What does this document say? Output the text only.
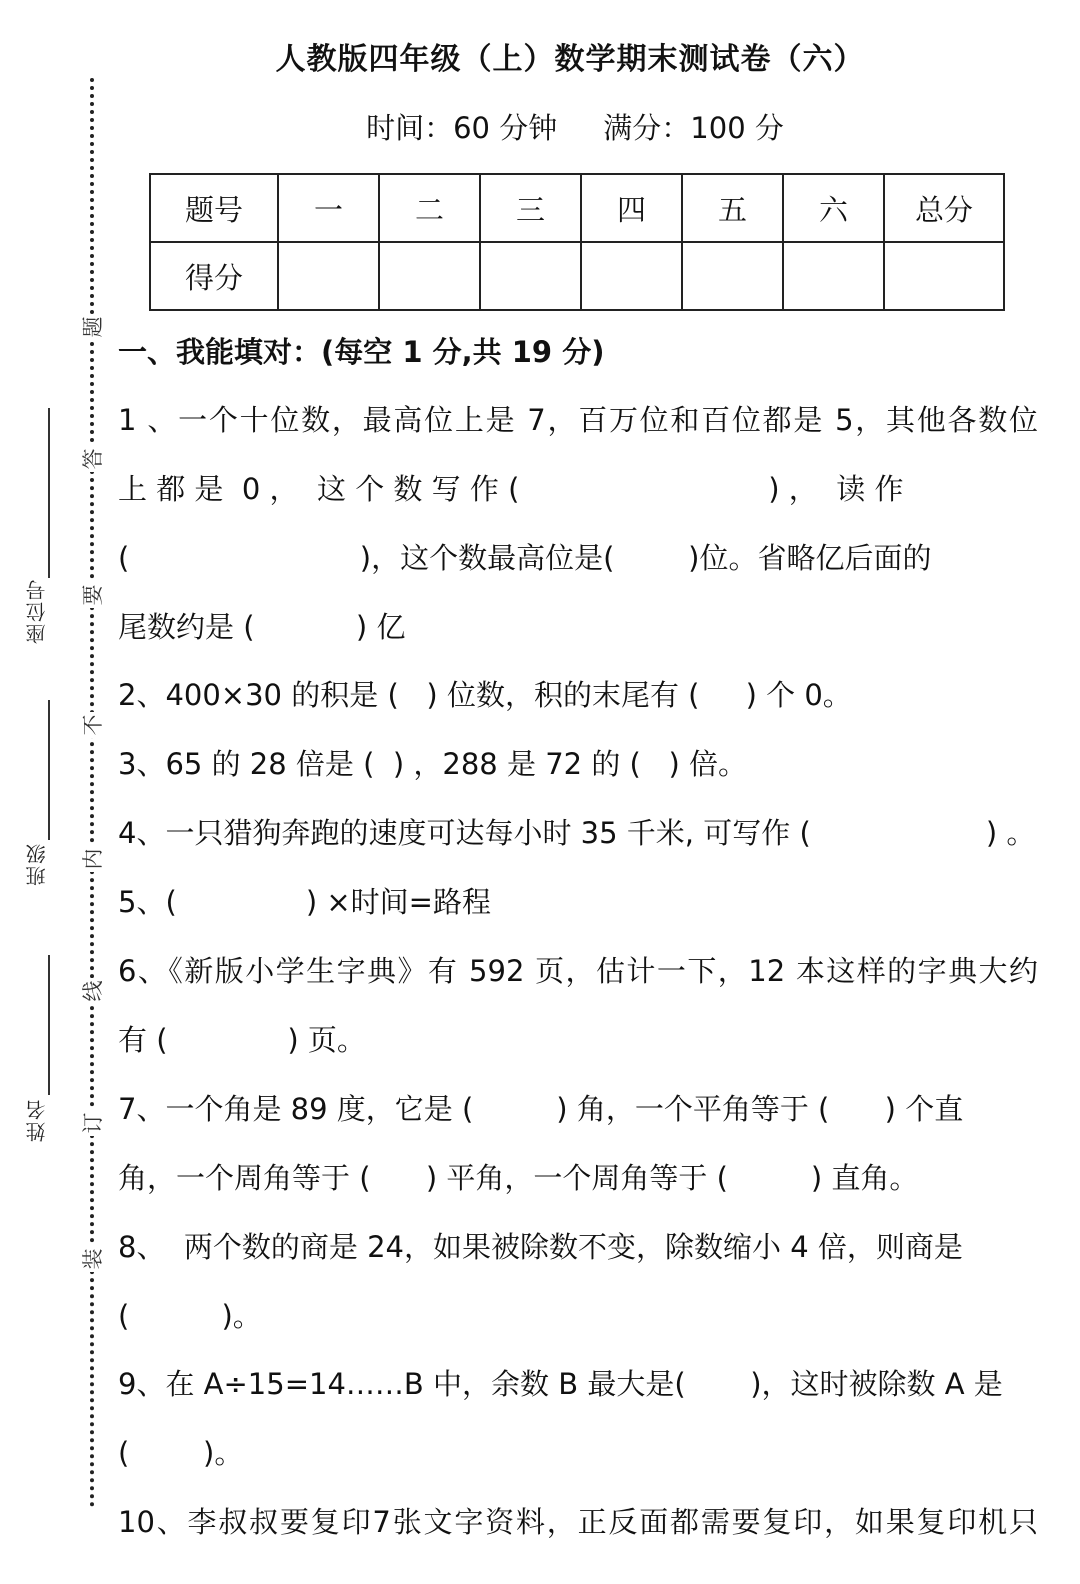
题
答
要
不
内
线
订
装
座位号
班级
姓名
人教版四年级（上）数学期末测试卷（六）
时间：60 分钟     满分：100 分
题号	一	二	三	四	五	六	总分
得分							
一、我能填对：(每空 1 分,共 19 分)
1 、一个十位数，最高位上是 7，百万位和百位都是 5，其他各数位
上 都 是  0 ，  这 个 数 写 作 (                           ) ，  读 作
(                         )，这个数最高位是(        )位。省略亿后面的
尾数约是 (           ) 亿
2、400×30 的积是 (   ) 位数，积的末尾有 (     ) 个 0。
3、65 的 28 倍是 (  ) ，288 是 72 的 (   ) 倍。
4、一只猎狗奔跑的速度可达每小时 35 千米, 可写作 (                   ) 。
5、(              ) ×时间=路程
6、《新版小学生字典》有 592 页，估计一下，12 本这样的字典大约
有 (             ) 页。
7、一个角是 89 度，它是 (         ) 角，一个平角等于 (      ) 个直
角，一个周角等于 (      ) 平角，一个周角等于 (         ) 直角。
8、  两个数的商是 24，如果被除数不变，除数缩小 4 倍，则商是
(          )。
9、在 A÷15=14……B 中，余数 B 最大是(       )，这时被除数 A 是
(        )。
10、李叔叔要复印7张文字资料，正反面都需要复印，如果复印机只
